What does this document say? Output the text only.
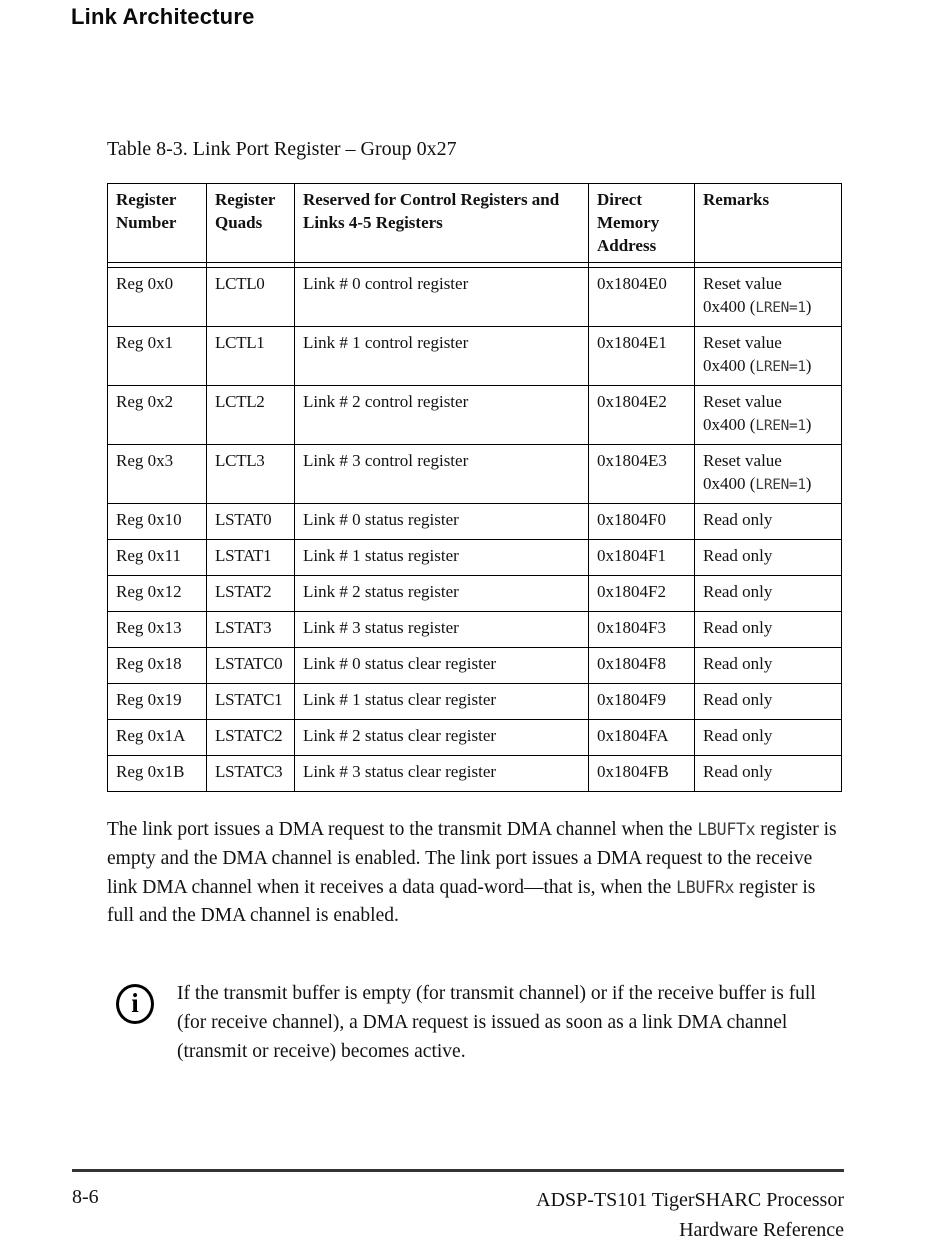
Link Architecture
Table 8-3. Link Port Register – Group 0x27
Register Number	Register Quads	Reserved for Control Registers and Links 4-5 Registers	Direct Memory Address	Remarks

Reg 0x0	LCTL0	Link # 0 control register	0x1804E0	Reset value
0x400 (LREN=1)
Reg 0x1	LCTL1	Link # 1 control register	0x1804E1	Reset value
0x400 (LREN=1)
Reg 0x2	LCTL2	Link # 2 control register	0x1804E2	Reset value
0x400 (LREN=1)
Reg 0x3	LCTL3	Link # 3 control register	0x1804E3	Reset value
0x400 (LREN=1)
Reg 0x10	LSTAT0	Link # 0 status register	0x1804F0	Read only
Reg 0x11	LSTAT1	Link # 1 status register	0x1804F1	Read only
Reg 0x12	LSTAT2	Link # 2 status register	0x1804F2	Read only
Reg 0x13	LSTAT3	Link # 3 status register	0x1804F3	Read only
Reg 0x18	LSTATC0	Link # 0 status clear register	0x1804F8	Read only
Reg 0x19	LSTATC1	Link # 1 status clear register	0x1804F9	Read only
Reg 0x1A	LSTATC2	Link # 2 status clear register	0x1804FA	Read only
Reg 0x1B	LSTATC3	Link # 3 status clear register	0x1804FB	Read only

The link port issues a DMA request to the transmit DMA channel when the LBUFTx register is empty and the DMA channel is enabled. The link port issues a DMA request to the receive link DMA channel when it receives a data quad-word—that is, when the LBUFRx register is full and the DMA channel is enabled.

i If the transmit buffer is empty (for transmit channel) or if the receive buffer is full (for receive channel), a DMA request is issued as soon as a link DMA channel (transmit or receive) becomes active.

8-6	ADSP-TS101 TigerSHARC Processor
Hardware Reference
